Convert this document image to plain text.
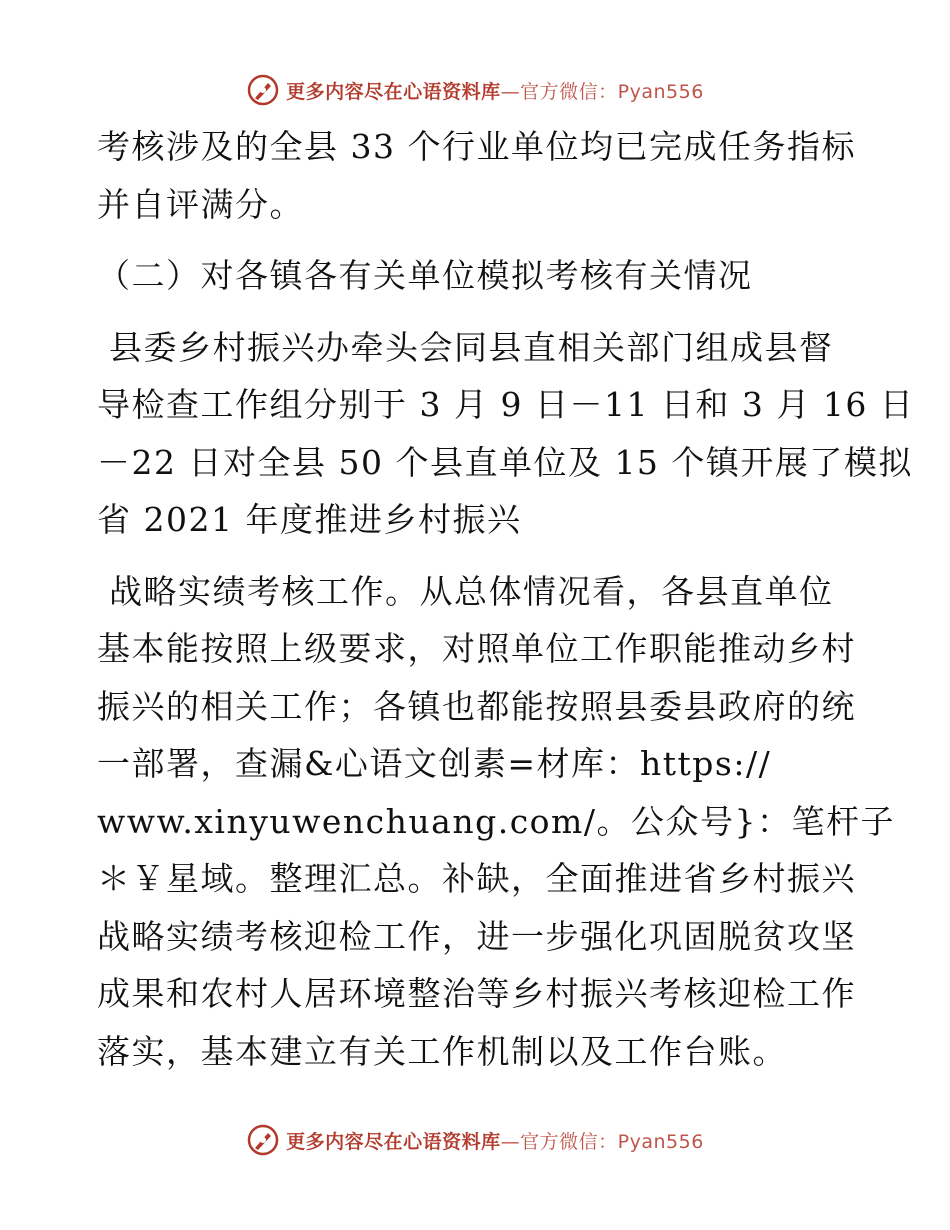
更多内容尽在心语资料库—官方微信：Pyan556
考核涉及的全县 33 个行业单位均已完成任务指标
并自评满分。
（二）对各镇各有关单位模拟考核有关情况
县委乡村振兴办牵头会同县直相关部门组成县督
导检查工作组分别于 3 月 9 日－11 日和 3 月 16 日
－22 日对全县 50 个县直单位及 15 个镇开展了模拟
省 2021 年度推进乡村振兴
战略实绩考核工作。从总体情况看，各县直单位
基本能按照上级要求，对照单位工作职能推动乡村
振兴的相关工作；各镇也都能按照县委县政府的统
一部署，查漏&心语文创素=材库：https://
www.xinyuwenchuang.com/。公众号}：笔杆子
＊￥星域。整理汇总。补缺，全面推进省乡村振兴
战略实绩考核迎检工作，进一步强化巩固脱贫攻坚
成果和农村人居环境整治等乡村振兴考核迎检工作
落实，基本建立有关工作机制以及工作台账。
更多内容尽在心语资料库—官方微信：Pyan556
